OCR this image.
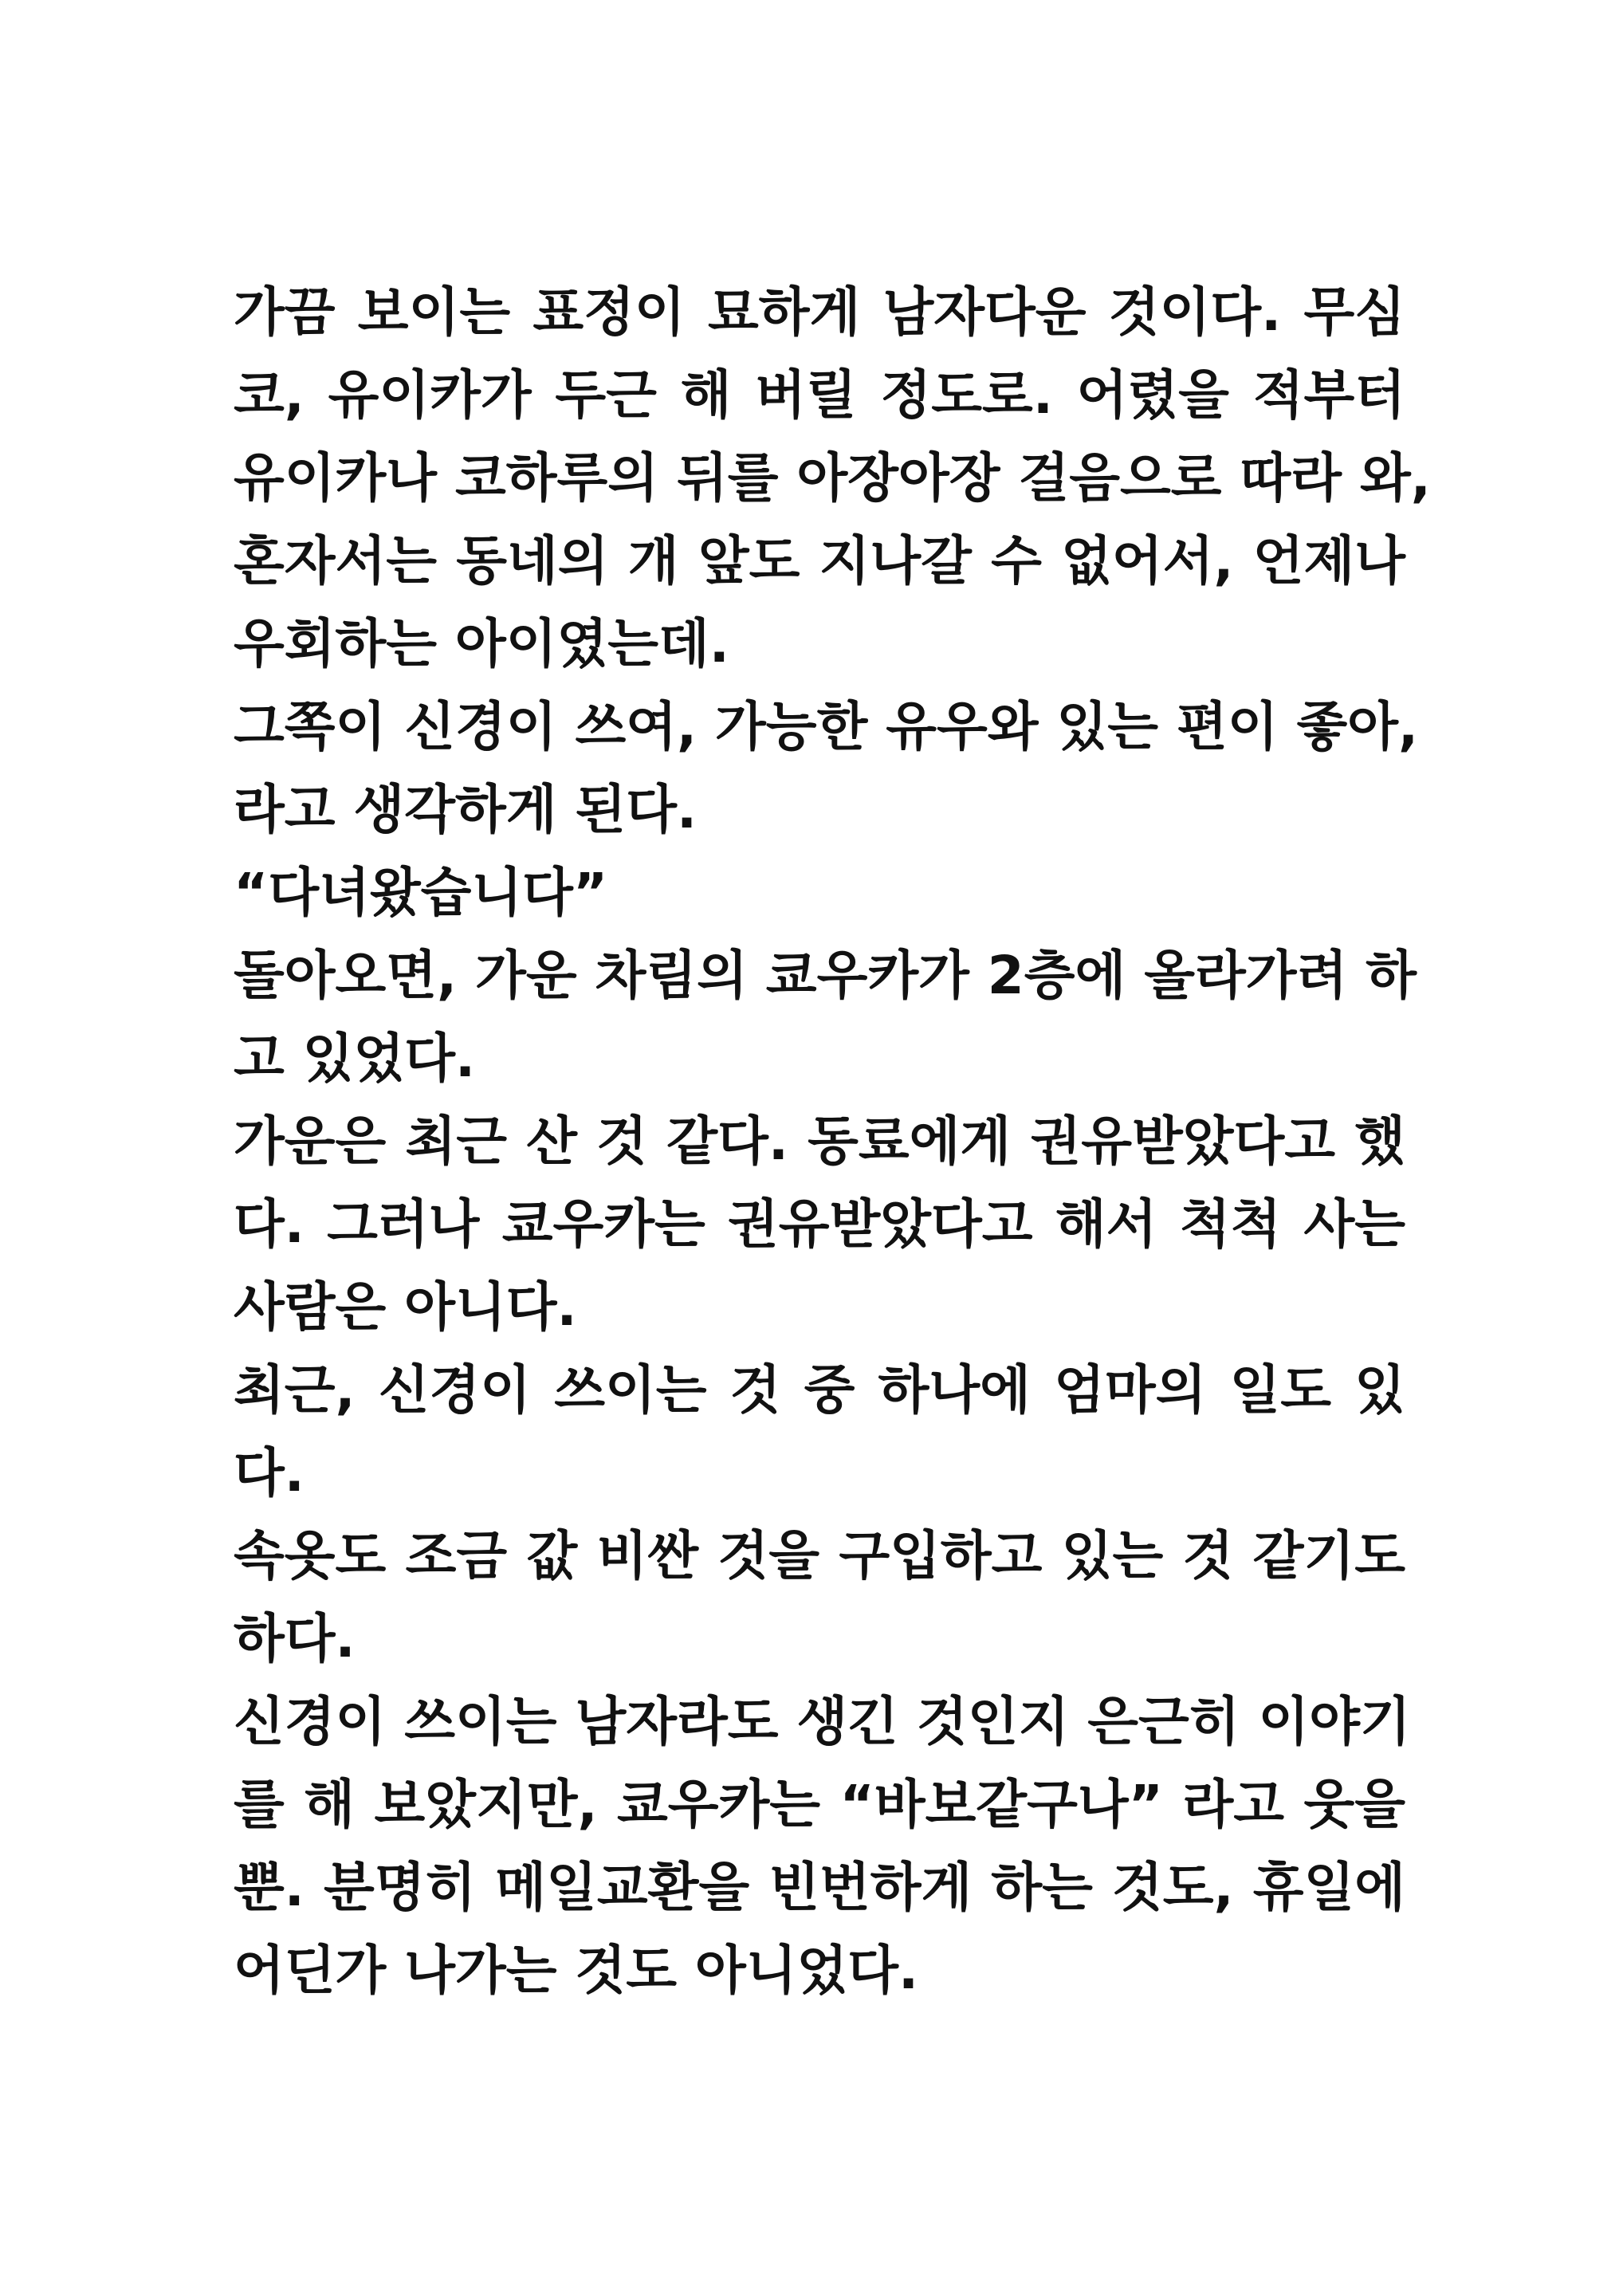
가끔 보이는 표정이 묘하게 남자다운 것이다. 무심
코, 유이카가 두근 해 버릴 정도로. 어렸을 적부터
유이카나 코하루의 뒤를 아장아장 걸음으로 따라 와,
혼자서는 동네의 개 앞도 지나갈 수 없어서, 언제나
우회하는 아이였는데.
그쪽이 신경이 쓰여, 가능한 유우와 있는 편이 좋아,
라고 생각하게 된다.
“다녀왔습니다”
돌아오면, 가운 차림의 쿄우카가 2층에 올라가려 하
고 있었다.
가운은 최근 산 것 같다. 동료에게 권유받았다고 했
다. 그러나 쿄우카는 권유받았다고 해서 척척 사는
사람은 아니다.
최근, 신경이 쓰이는 것 중 하나에 엄마의 일도 있
다.
속옷도 조금 값 비싼 것을 구입하고 있는 것 같기도
하다.
신경이 쓰이는 남자라도 생긴 것인지 은근히 이야기
를 해 보았지만, 쿄우카는 “바보같구나” 라고 웃을
뿐. 분명히 메일교환을 빈번하게 하는 것도, 휴일에
어딘가 나가는 것도 아니었다.
